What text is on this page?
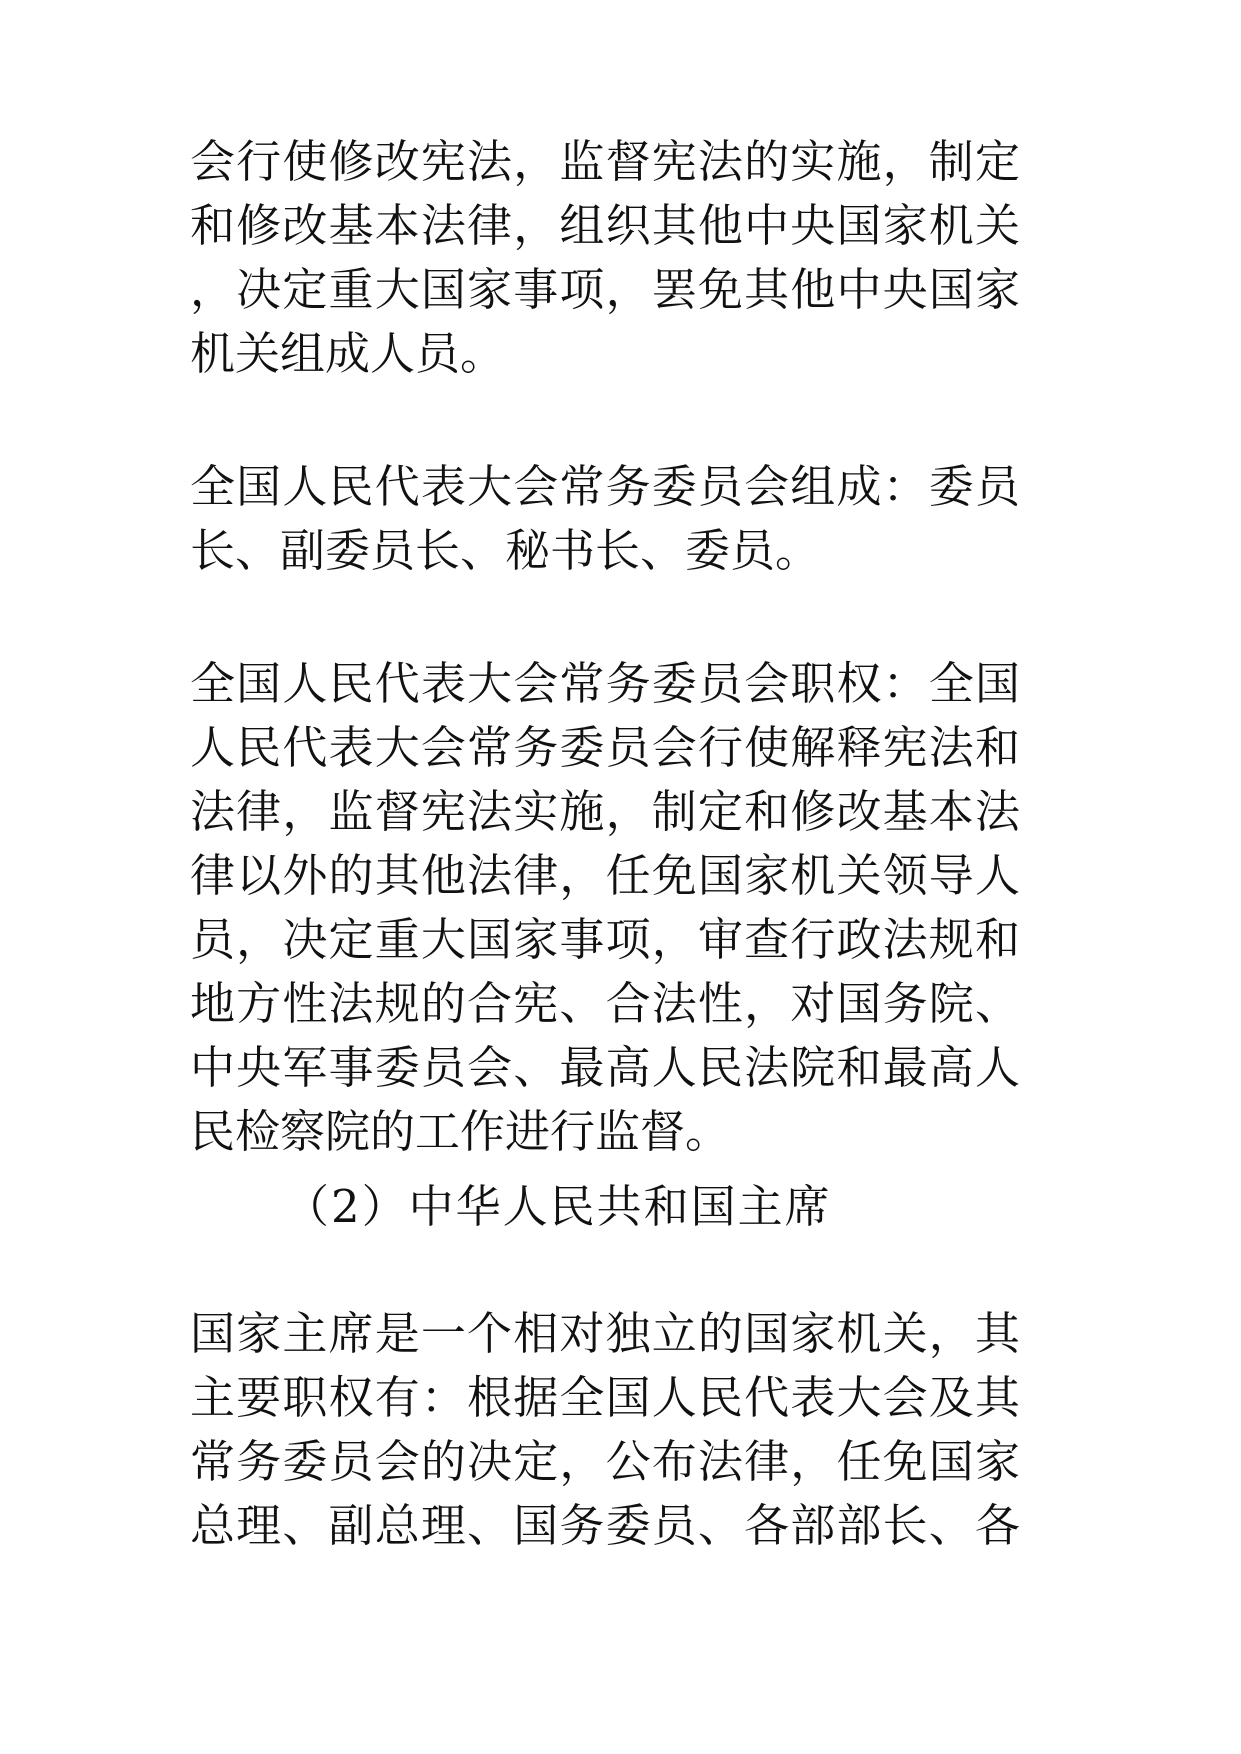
会行使修改宪法，监督宪法的实施，制定
和修改基本法律，组织其他中央国家机关
，决定重大国家事项，罢免其他中央国家
机关组成人员。
全国人民代表大会常务委员会组成：委员
长、副委员长、秘书长、委员。
全国人民代表大会常务委员会职权：全国
人民代表大会常务委员会行使解释宪法和
法律，监督宪法实施，制定和修改基本法
律以外的其他法律，任免国家机关领导人
员，决定重大国家事项，审查行政法规和
地方性法规的合宪、合法性，对国务院、
中央军事委员会、最高人民法院和最高人
民检察院的工作进行监督。
（2）中华人民共和国主席
国家主席是一个相对独立的国家机关，其
主要职权有：根据全国人民代表大会及其
常务委员会的决定，公布法律，任免国家
总理、副总理、国务委员、各部部长、各
